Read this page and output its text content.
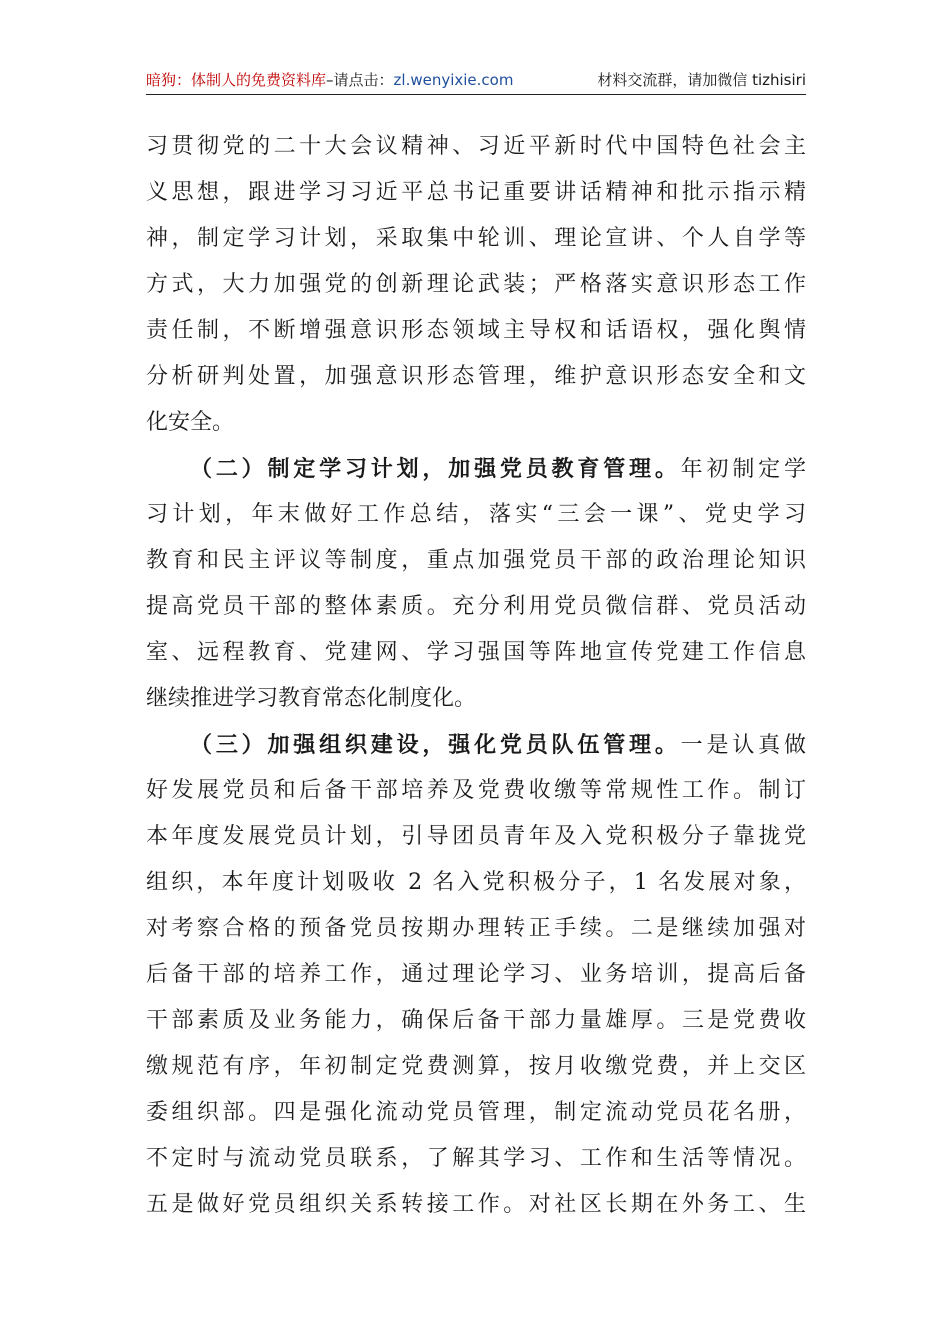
暗狗：体制人的免费资料库–请点击：zl.wenyixie.com	材料交流群，请加微信 tizhisiri
习贯彻党的二十大会议精神、习近平新时代中国特色社会主
义思想，跟进学习习近平总书记重要讲话精神和批示指示精
神，制定学习计划，采取集中轮训、理论宣讲、个人自学等
方式，大力加强党的创新理论武装；严格落实意识形态工作
责任制，不断增强意识形态领域主导权和话语权，强化舆情
分析研判处置，加强意识形态管理，维护意识形态安全和文
化安全。
（二）制定学习计划，加强党员教育管理。年初制定学
习计划，年末做好工作总结，落实“三会一课”、党史学习
教育和民主评议等制度，重点加强党员干部的政治理论知识
提高党员干部的整体素质。充分利用党员微信群、党员活动
室、远程教育、党建网、学习强国等阵地宣传党建工作信息
继续推进学习教育常态化制度化。
（三）加强组织建设，强化党员队伍管理。一是认真做
好发展党员和后备干部培养及党费收缴等常规性工作。制订
本年度发展党员计划，引导团员青年及入党积极分子靠拢党
组织，本年度计划吸收 2 名入党积极分子，1 名发展对象，
对考察合格的预备党员按期办理转正手续。二是继续加强对
后备干部的培养工作，通过理论学习、业务培训，提高后备
干部素质及业务能力，确保后备干部力量雄厚。三是党费收
缴规范有序，年初制定党费测算，按月收缴党费，并上交区
委组织部。四是强化流动党员管理，制定流动党员花名册，
不定时与流动党员联系，了解其学习、工作和生活等情况。
五是做好党员组织关系转接工作。对社区长期在外务工、生
